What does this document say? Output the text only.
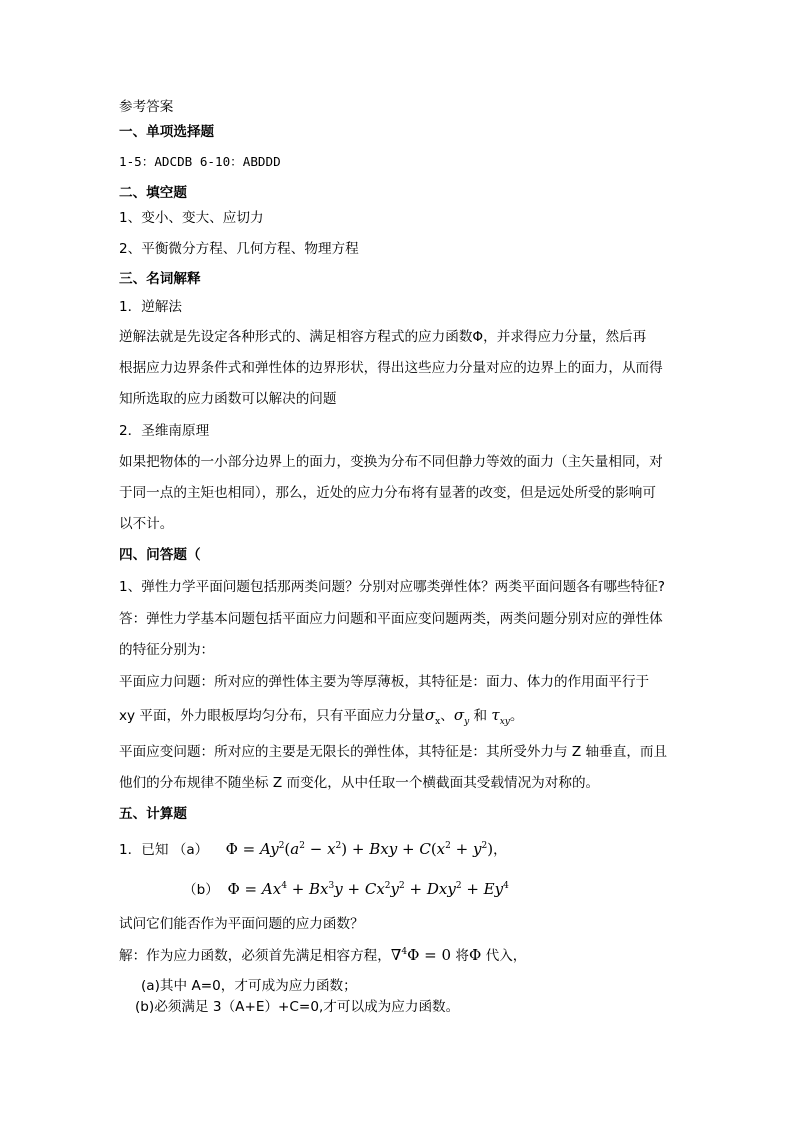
参考答案

一、单项选择题

1-5：ADCDB 6-10：ABDDD

二、填空题

1、变小、变大、应切力

2、平衡微分方程、几何方程、物理方程

三、名词解释

1．逆解法

逆解法就是先设定各种形式的、满足相容方程式的应力函数Φ，并求得应力分量，然后再

根据应力边界条件式和弹性体的边界形状，得出这些应力分量对应的边界上的面力，从而得

知所选取的应力函数可以解决的问题

2．圣维南原理

如果把物体的一小部分边界上的面力，变换为分布不同但静力等效的面力（主矢量相同，对

于同一点的主矩也相同），那么，近处的应力分布将有显著的改变，但是远处所受的影响可

以不计。

四、问答题（

1、弹性力学平面问题包括那两类问题？分别对应哪类弹性体？两类平面问题各有哪些特征?

答：弹性力学基本问题包括平面应力问题和平面应变问题两类，两类问题分别对应的弹性体

的特征分别为：

平面应力问题：所对应的弹性体主要为等厚薄板，其特征是：面力、体力的作用面平行于

xy 平面，外力眼板厚均匀分布，只有平面应力分量$\sigma_x$、$\sigma_y$ 和 $\tau_{xy}$。

平面应变问题：所对应的主要是无限长的弹性体，其特征是：其所受外力与 Z 轴垂直，而且

他们的分布规律不随坐标 Z 而变化，从中任取一个横截面其受载情况为对称的。

五、计算题

1．已知 （a） $\Phi = Ay^2(a^2 - x^2)$ + Bxy + $C(x^2 + y^2)$，

（b） $\Phi = Ax^4 + Bx^3y + Cx^2y^2 + Dxy^2 + Ey^4$

试问它们能否作为平面问题的应力函数？

解：作为应力函数，必须首先满足相容方程，∇$^4$Φ = 0 将Φ 代入，

(a)其中 A=0，才可成为应力函数；

(b)必须满足 3（A+E）+C=0,才可以成为应力函数。
